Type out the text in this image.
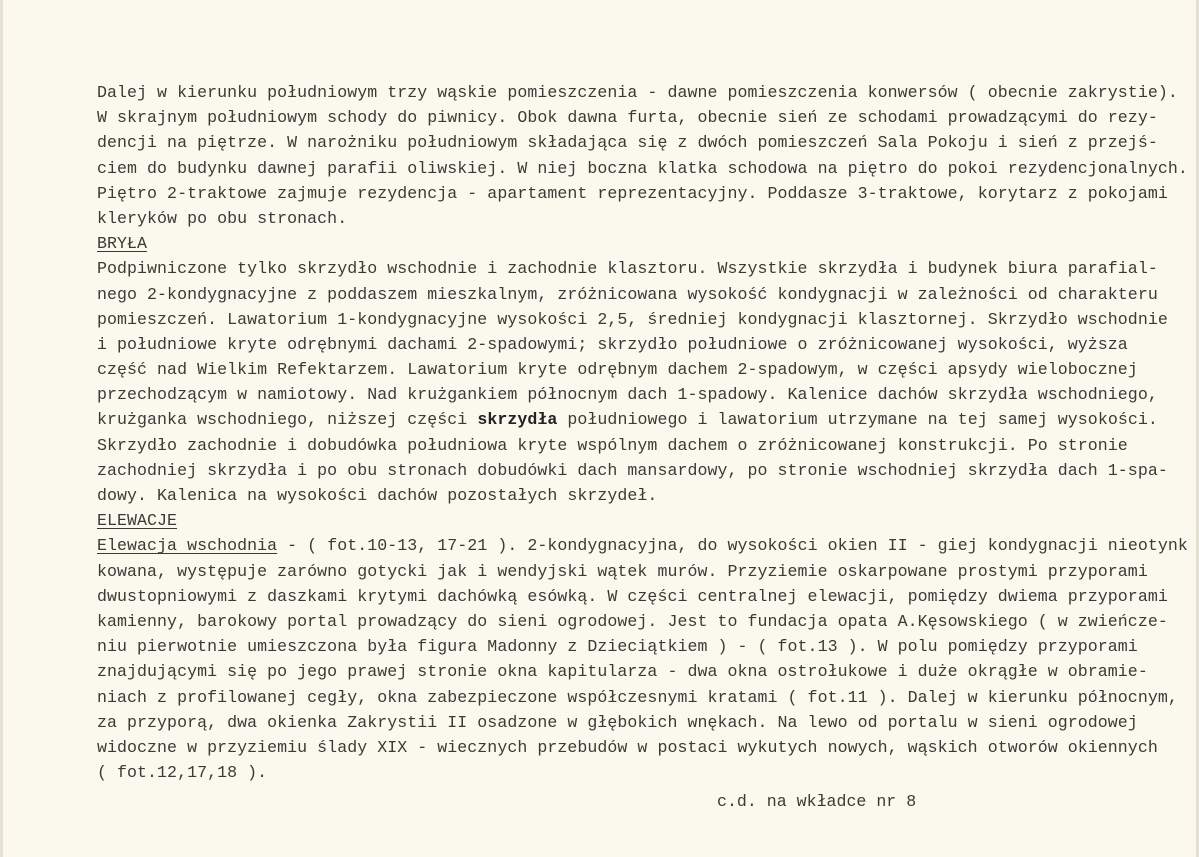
Dalej w kierunku południowym trzy wąskie pomieszczenia - dawne pomieszczenia konwersów ( obecnie zakrystie).
W skrajnym południowym schody do piwnicy. Obok dawna furta, obecnie sień ze schodami prowadzącymi do rezy-
dencji na piętrze. W narożniku południowym składająca się z dwóch pomieszczeń Sala Pokoju i sień z przejś-
ciem do budynku dawnej parafii oliwskiej. W niej boczna klatka schodowa na piętro do pokoi rezydencjonalnych.
Piętro 2-traktowe zajmuje rezydencja - apartament reprezentacyjny. Poddasze 3-traktowe, korytarz z pokojami
kleryków po obu stronach.
BRYŁA
Podpiwniczone tylko skrzydło wschodnie i zachodnie klasztoru. Wszystkie skrzydła i budynek biura parafial-
nego 2-kondygnacyjne z poddaszem mieszkalnym, zróżnicowana wysokość kondygnacji w zależności od charakteru
pomieszczeń. Lawatorium 1-kondygnacyjne wysokości 2,5, średniej kondygnacji klasztornej. Skrzydło wschodnie
i południowe kryte odrębnymi dachami 2-spadowymi; skrzydło południowe o zróżnicowanej wysokości, wyższa
część nad Wielkim Refektarzem. Lawatorium kryte odrębnym dachem 2-spadowym, w części apsydy wielobocznej
przechodzącym w namiotowy. Nad krużgankiem północnym dach 1-spadowy. Kalenice dachów skrzydła wschodniego,
krużganka wschodniego, niższej części skrzydła południowego i lawatorium utrzymane na tej samej wysokości.
Skrzydło zachodnie i dobudówka południowa kryte wspólnym dachem o zróżnicowanej konstrukcji. Po stronie
zachodniej skrzydła i po obu stronach dobudówki dach mansardowy, po stronie wschodniej skrzydła dach 1-spa-
dowy. Kalenica na wysokości dachów pozostałych skrzydeł.
ELEWACJE
Elewacja wschodnia - ( fot.10-13, 17-21 ). 2-kondygnacyjna, do wysokości okien II - giej kondygnacji nieotynk
kowana, występuje zarówno gotycki jak i wendyjski wątek murów. Przyziemie oskarpowane prostymi przyporami
dwustopniowymi z daszkami krytymi dachówką esówką. W części centralnej elewacji, pomiędzy dwiema przyporami
kamienny, barokowy portal prowadzący do sieni ogrodowej. Jest to fundacja opata A.Kęsowskiego ( w zwieńcze-
niu pierwotnie umieszczona była figura Madonny z Dzieciątkiem ) - ( fot.13 ). W polu pomiędzy przyporami
znajdującymi się po jego prawej stronie okna kapitularza - dwa okna ostrołukowe i duże okrągłe w obramie-
niach z profilowanej cegły, okna zabezpieczone współczesnymi kratami ( fot.11 ). Dalej w kierunku północnym,
za przyporą, dwa okienka Zakrystii II osadzone w głębokich wnękach. Na lewo od portalu w sieni ogrodowej
widoczne w przyziemiu ślady XIX - wiecznych przebudów w postaci wykutych nowych, wąskich otworów okiennych
( fot.12,17,18 ).
c.d. na wkładce nr 8
